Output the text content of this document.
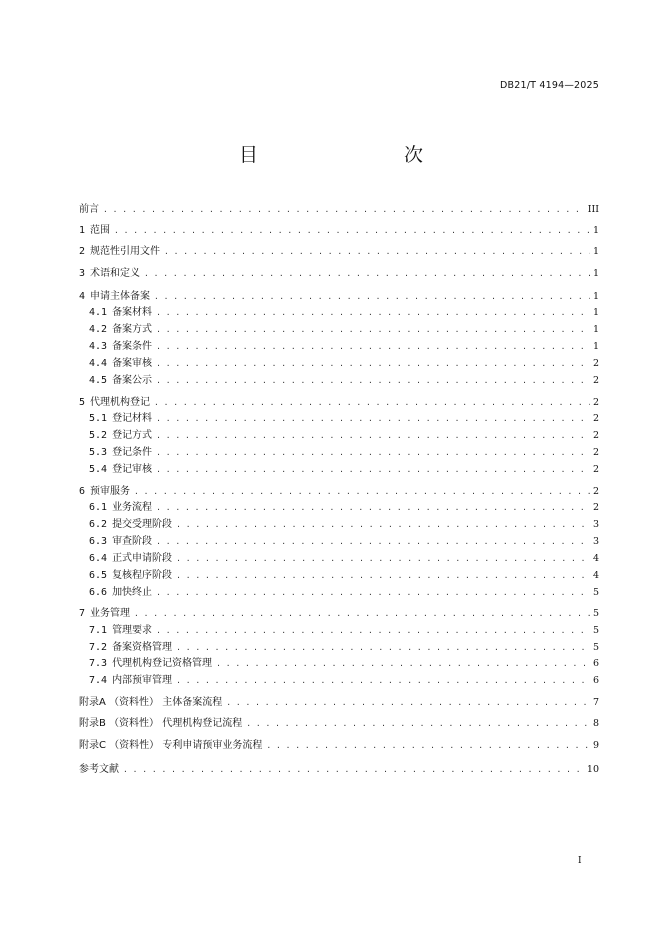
DB21/T 4194—2025
目　　次
前言 . . .	III
1 范围 . . .	1
2 规范性引用文件 . . .	1
3 术语和定义 . . .	1
4 申请主体备案 . . .	1
4.1 备案材料 . . .	1
4.2 备案方式 . . .	1
4.3 备案条件 . . .	1
4.4 备案审核 . . .	2
4.5 备案公示 . . .	2
5 代理机构登记 . . .	2
5.1 登记材料 . . .	2
5.2 登记方式 . . .	2
5.3 登记条件 . . .	2
5.4 登记审核 . . .	2
6 预审服务 . . .	2
6.1 业务流程 . . .	2
6.2 提交受理阶段 . . .	3
6.3 审查阶段 . . .	3
6.4 正式申请阶段 . . .	4
6.5 复核程序阶段 . . .	4
6.6 加快终止 . . .	5
7 业务管理 . . .	5
7.1 管理要求 . . .	5
7.2 备案资格管理 . . .	5
7.3 代理机构登记资格管理 . . .	6
7.4 内部预审管理 . . .	6
附录A （资料性） 主体备案流程 . . .	7
附录B （资料性） 代理机构登记流程 . . .	8
附录C （资料性） 专利申请预审业务流程 . . .	9
参考文献 . . .	10
I
